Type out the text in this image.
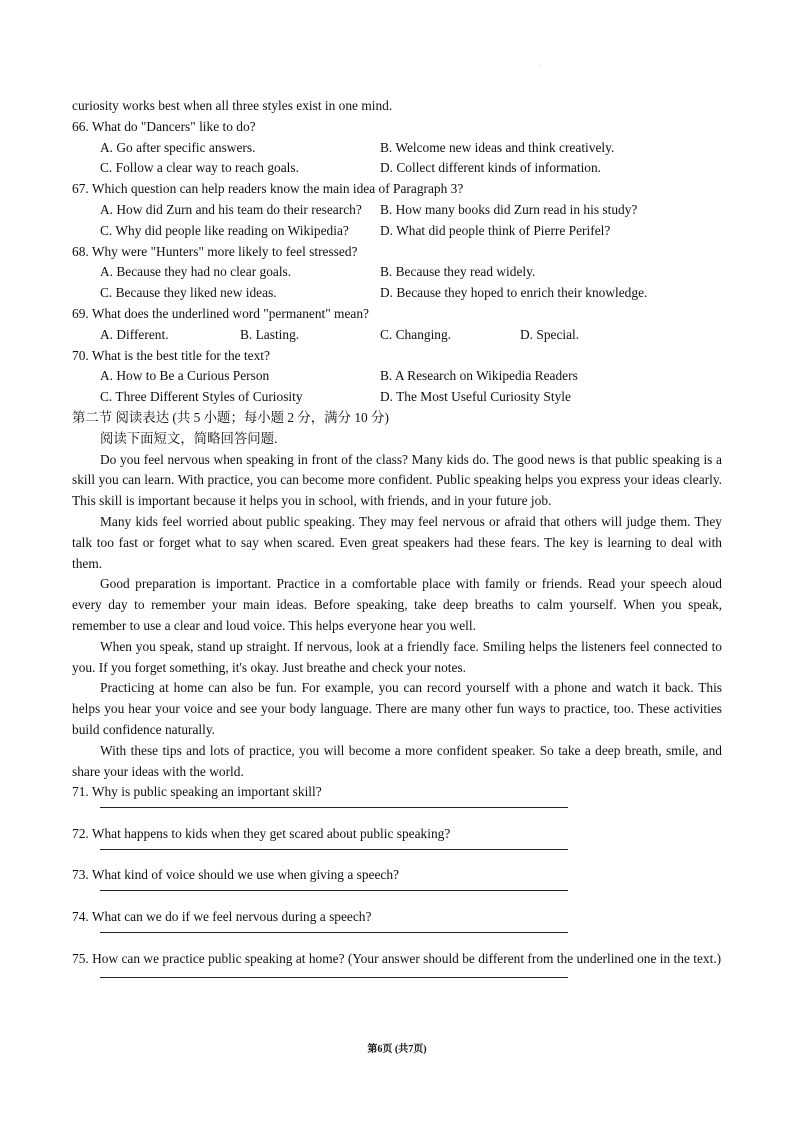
.
curiosity works best when all three styles exist in one mind.
66. What do "Dancers" like to do?
A. Go after specific answers.	B. Welcome new ideas and think creatively.
C. Follow a clear way to reach goals.	D. Collect different kinds of information.
67. Which question can help readers know the main idea of Paragraph 3?
A. How did Zurn and his team do their research? B. How many books did Zurn read in his study?
C. Why did people like reading on Wikipedia? D. What did people think of Pierre Perifel?
68. Why were "Hunters" more likely to feel stressed?
A. Because they had no clear goals.	B. Because they read widely.
C. Because they liked new ideas.	D. Because they hoped to enrich their knowledge.
69. What does the underlined word "permanent" mean?
A. Different.	B. Lasting.	C. Changing.	D. Special.
70. What is the best title for the text?
A. How to Be a Curious Person	B. A Research on Wikipedia Readers
C. Three Different Styles of Curiosity	D. The Most Useful Curiosity Style
第二节 阅读表达 (共 5 小题；每小题 2 分，满分 10 分)
阅读下面短文，简略回答问题.
Do you feel nervous when speaking in front of the class? Many kids do. The good news is that public speaking is a skill you can learn. With practice, you can become more confident. Public speaking helps you express your ideas clearly. This skill is important because it helps you in school, with friends, and in your future job.
Many kids feel worried about public speaking. They may feel nervous or afraid that others will judge them. They talk too fast or forget what to say when scared. Even great speakers had these fears. The key is learning to deal with them.
Good preparation is important. Practice in a comfortable place with family or friends. Read your speech aloud every day to remember your main ideas. Before speaking, take deep breaths to calm yourself. When you speak, remember to use a clear and loud voice. This helps everyone hear you well.
When you speak, stand up straight. If nervous, look at a friendly face. Smiling helps the listeners feel connected to you. If you forget something, it's okay. Just breathe and check your notes.
Practicing at home can also be fun. For example, you can record yourself with a phone and watch it back. This helps you hear your voice and see your body language. There are many other fun ways to practice, too. These activities build confidence naturally.
With these tips and lots of practice, you will become a more confident speaker. So take a deep breath, smile, and share your ideas with the world.
71. Why is public speaking an important skill?
72. What happens to kids when they get scared about public speaking?
73. What kind of voice should we use when giving a speech?
74. What can we do if we feel nervous during a speech?
75. How can we practice public speaking at home? (Your answer should be different from the underlined one in the text.)
第6页 (共7页)
